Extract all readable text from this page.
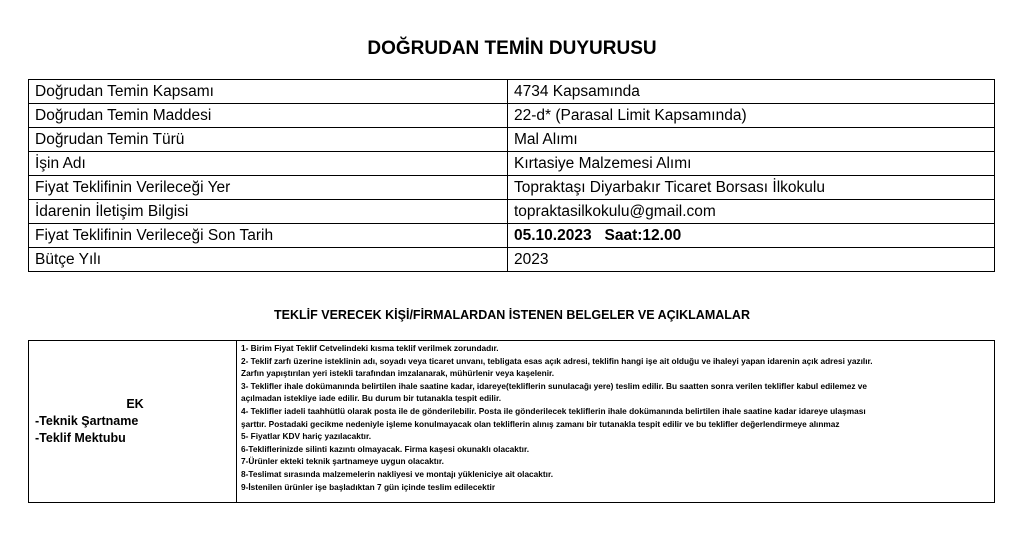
DOĞRUDAN TEMİN DUYURUSU
Doğrudan Temin Kapsamı	4734 Kapsamında
Doğrudan Temin Maddesi	22-d* (Parasal Limit Kapsamında)
Doğrudan Temin Türü	Mal Alımı
İşin Adı	Kırtasiye Malzemesi Alımı
Fiyat Teklifinin Verileceği Yer	Topraktaşı Diyarbakır Ticaret Borsası İlkokulu
İdarenin İletişim Bilgisi	topraktasilkokulu@gmail.com
Fiyat Teklifinin Verileceği Son Tarih	05.10.2023   Saat:12.00
Bütçe Yılı	2023
TEKLİF VERECEK KİŞİ/FİRMALARDAN İSTENEN BELGELER VE AÇIKLAMALAR
EK
-Teknik Şartname
-Teklif Mektubu

1- Birim Fiyat Teklif Cetvelindeki kısma teklif verilmek zorundadır.
2- Teklif zarfı üzerine isteklinin adı, soyadı veya ticaret unvanı, tebligata esas açık adresi, teklifin hangi işe ait olduğu ve ihaleyi yapan idarenin açık adresi yazılır.
Zarfın yapıştırılan yeri istekli tarafından imzalanarak, mühürlenir veya kaşelenir.
3- Teklifler ihale dokümanında belirtilen ihale saatine kadar, idareye(tekliflerin sunulacağı yere) teslim edilir. Bu saatten sonra verilen teklifler kabul edilemez ve
açılmadan istekliye iade edilir. Bu durum bir tutanakla tespit edilir.
4- Teklifler iadeli taahhütlü olarak posta ile de gönderilebilir. Posta ile gönderilecek tekliflerin ihale dokümanında belirtilen ihale saatine kadar idareye ulaşması
şarttır. Postadaki gecikme nedeniyle işleme konulmayacak olan tekliflerin alınış zamanı bir tutanakla tespit edilir ve bu teklifler değerlendirmeye alınmaz
5- Fiyatlar KDV hariç yazılacaktır.
6-Tekliflerinizde silinti kazıntı olmayacak. Firma kaşesi okunaklı olacaktır.
7-Ürünler ekteki teknik şartnameye uygun olacaktır.
8-Teslimat sırasında malzemelerin nakliyesi ve montajı yükleniciye ait olacaktır.
9-İstenilen ürünler işe başladıktan 7 gün içinde teslim edilecektir
